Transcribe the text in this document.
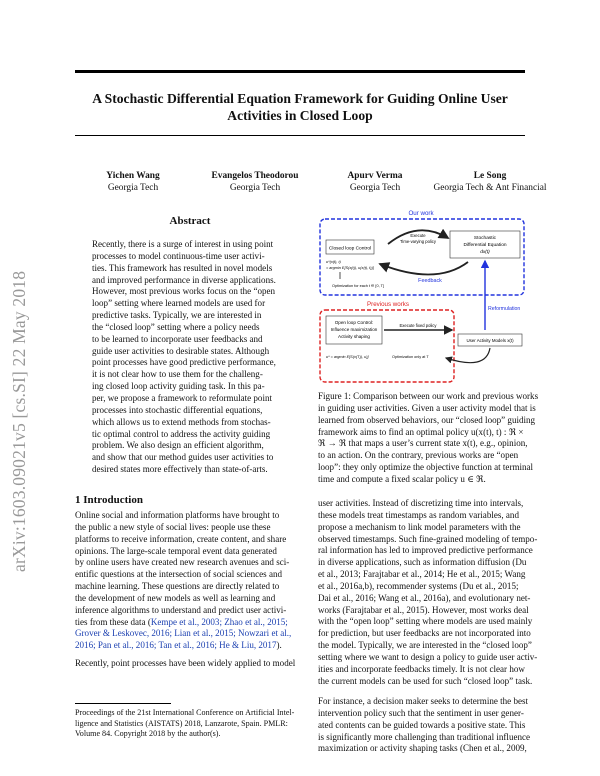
arXiv:1603.09021v5 [cs.SI] 22 May 2018
A Stochastic Differential Equation Framework for Guiding Online User
Activities in Closed Loop
Yichen Wang
Georgia Tech
Evangelos Theodorou
Georgia Tech
Apurv Verma
Georgia Tech
Le Song
Georgia Tech & Ant Financial
Abstract
Recently, there is a surge of interest in using point
processes to model continuous-time user activi-
ties. This framework has resulted in novel models
and improved performance in diverse applications.
However, most previous works focus on the “open
loop” setting where learned models are used for
predictive tasks. Typically, we are interested in
the “closed loop” setting where a policy needs
to be learned to incorporate user feedbacks and
guide user activities to desirable states. Although
point processes have good predictive performance,
it is not clear how to use them for the challeng-
ing closed loop activity guiding task. In this pa-
per, we propose a framework to reformulate point
processes into stochastic differential equations,
which allows us to extend methods from stochas-
tic optimal control to address the activity guiding
problem. We also design an efficient algorithm,
and show that our method guides user activities to
desired states more effectively than state-of-arts.
1 Introduction
Online social and information platforms have brought to
the public a new style of social lives: people use these
platforms to receive information, create content, and share
opinions. The large-scale temporal event data generated
by online users have created new research avenues and sci-
entific questions at the intersection of social sciences and
machine learning. These questions are directly related to
the development of new models as well as learning and
inference algorithms to understand and predict user activi-
ties from these data (Kempe et al., 2003; Zhao et al., 2015;
Grover & Leskovec, 2016; Lian et al., 2015; Nowzari et al.,
2016; Pan et al., 2016; Tan et al., 2016; He & Liu, 2017).
Recently, point processes have been widely applied to model
Proceedings of the 21st International Conference on Artificial Intel-
ligence and Statistics (AISTATS) 2018, Lanzarote, Spain. PMLR:
Volume 84. Copyright 2018 by the author(s).
Our work
Closed loop Control
Execute
Time-varying policy
Stochastic
Differential Equation
dx(t)
u*(x(t), t)
= argmin E[S(x(t)), u(x(t), t))]
Feedback
Optimization for each t ∈ [0, T]
Reformulation
Previous works
Open loop Control:
Influence maximization
Activity shaping
Execute fixed policy
User Activity Models x(t)
u* = argmin E[S(x(T)), u)]	Optimization only at T
Figure 1: Comparison between our work and previous works
in guiding user activities. Given a user activity model that is
learned from observed behaviors, our “closed loop” guiding
framework aims to find an optimal policy u(x(t), t) : ℜ ×
ℜ → ℜ that maps a user’s current state x(t), e.g., opinion,
to an action. On the contrary, previous works are “open
loop”: they only optimize the objective function at terminal
time and compute a fixed scalar policy u ∈ ℜ.
user activities. Instead of discretizing time into intervals,
these models treat timestamps as random variables, and
propose a mechanism to link model parameters with the
observed timestamps. Such fine-grained modeling of tempo-
ral information has led to improved predictive performance
in diverse applications, such as information diffusion (Du
et al., 2013; Farajtabar et al., 2014; He et al., 2015; Wang
et al., 2016a,b), recommender systems (Du et al., 2015;
Dai et al., 2016; Wang et al., 2016a), and evolutionary net-
works (Farajtabar et al., 2015). However, most works deal
with the “open loop” setting where models are used mainly
for prediction, but user feedbacks are not incorporated into
the model. Typically, we are interested in the “closed loop”
setting where we want to design a policy to guide user activ-
ities and incorporate feedbacks timely. It is not clear how
the current models can be used for such “closed loop” task.
For instance, a decision maker seeks to determine the best
intervention policy such that the sentiment in user gener-
ated contents can be guided towards a positive state. This
is significantly more challenging than traditional influence
maximization or activity shaping tasks (Chen et al., 2009,
